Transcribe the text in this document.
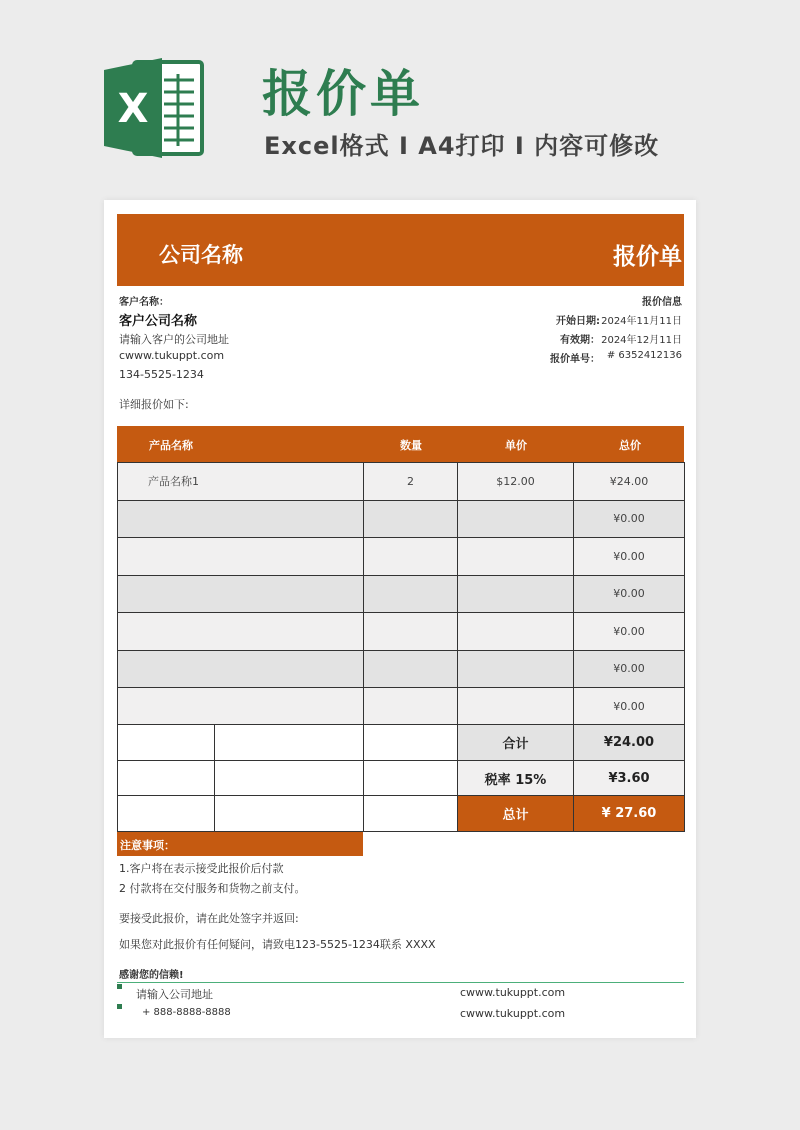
X 报价单
Excel格式 I A4打印 I 内容可修改
公司名称	报价单
客户名称：
客户公司名称
请输入客户的公司地址
cwww.tukuppt.com
134-5525-1234
报价信息
开始日期: 2024年11月11日
有效期： 2024年12月11日
报价单号： # 6352412136
详细报价如下:
产品名称	数量	单价	总价
产品名称1	2	$12.00	¥24.00
			¥0.00
			¥0.00
			¥0.00
			¥0.00
			¥0.00
			¥0.00
			合计	¥24.00
			税率 15%	¥3.60
			总计	¥ 27.60
注意事项：
1.客户将在表示接受此报价后付款
2 付款将在交付服务和货物之前支付。
要接受此报价，请在此处签字并返回:
如果您对此报价有任何疑问，请致电123-5525-1234联系 XXXX
感谢您的信赖!
请输入公司地址
+ 888-8888-8888
cwww.tukuppt.com
cwww.tukuppt.com
